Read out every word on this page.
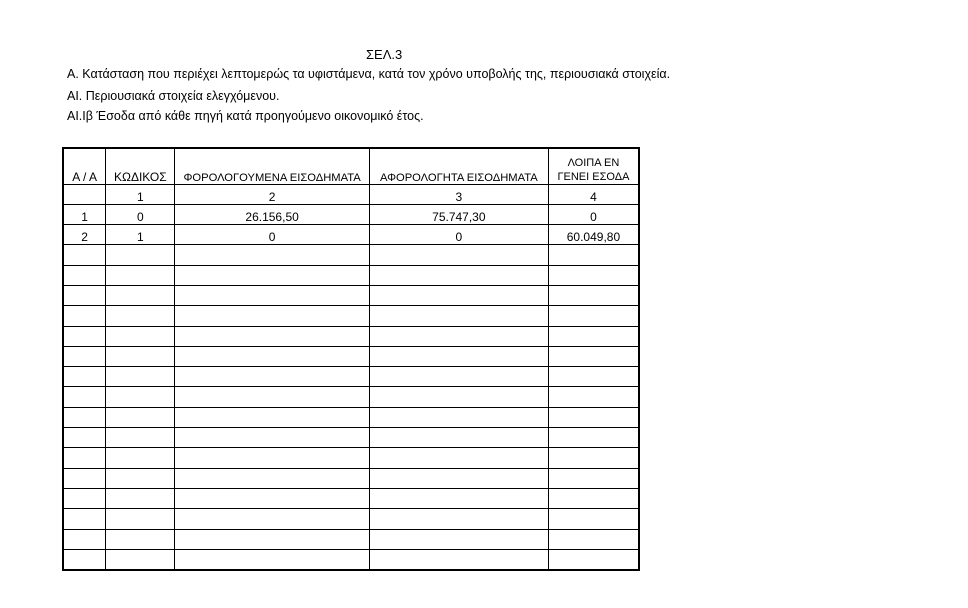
ΣΕΛ.3
Α. Κατάσταση που περιέχει λεπτομερώς τα υφιστάμενα, κατά τον χρόνο υποβολής της, περιουσιακά στοιχεία.
ΑΙ. Περιουσιακά στοιχεία ελεγχόμενου.
ΑΙ.Ιβ Έσοδα από κάθε πηγή κατά προηγούμενο οικονομικό έτος.
Α / Α	ΚΩΔΙΚΟΣ	ΦΟΡΟΛΟΓΟΥΜΕΝΑ ΕΙΣΟΔΗΜΑΤΑ	ΑΦΟΡΟΛΟΓΗΤΑ ΕΙΣΟΔΗΜΑΤΑ	ΛΟΙΠΑ ΕΝ ΓΕΝΕΙ ΕΣΟΔΑ
	1	2	3	4
1	0	26.156,50	75.747,30	0
2	1	0	0	60.049,80
